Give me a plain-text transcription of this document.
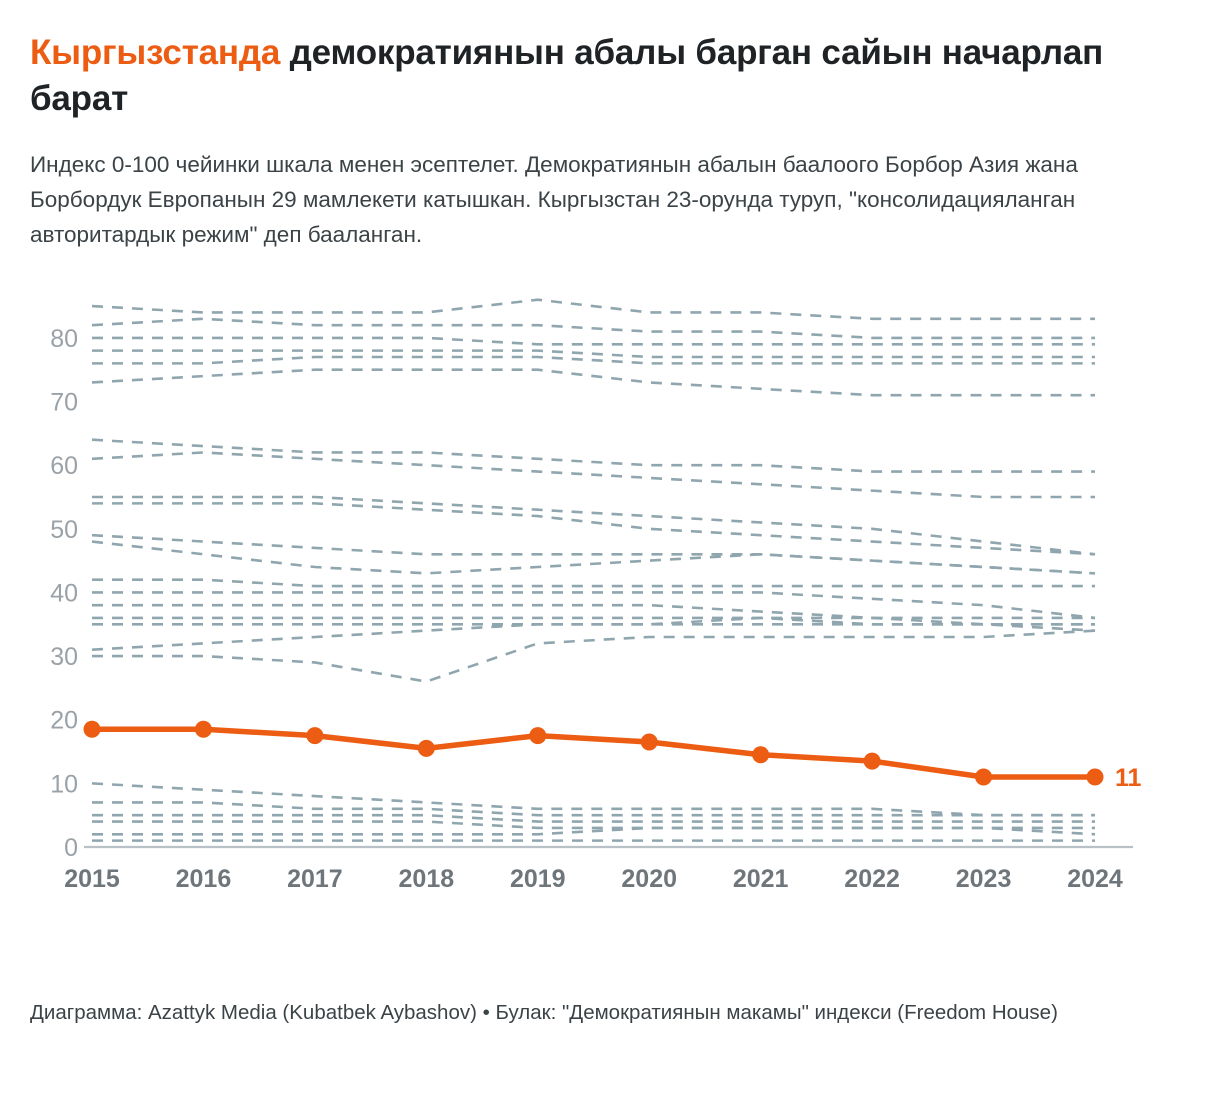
Кыргызстанда демократиянын абалы барган сайын начарлап барат
Индекс 0-100 чейинки шкала менен эсептелет. Демократиянын абалын баалоого Борбор Азия жана Борбордук Европанын 29 мамлекети катышкан. Кыргызстан 23-орунда туруп, "консолидацияланган авторитардык режим" деп бааланган.
0
10
20
30
40
50
60
70
80
11
2015 2016 2017 2018 2019 2020 2021 2022 2023 2024
Диаграмма: Azattyk Media (Kubatbek Aybashov) • Булак: "Демократиянын макамы" индекси (Freedom House)
